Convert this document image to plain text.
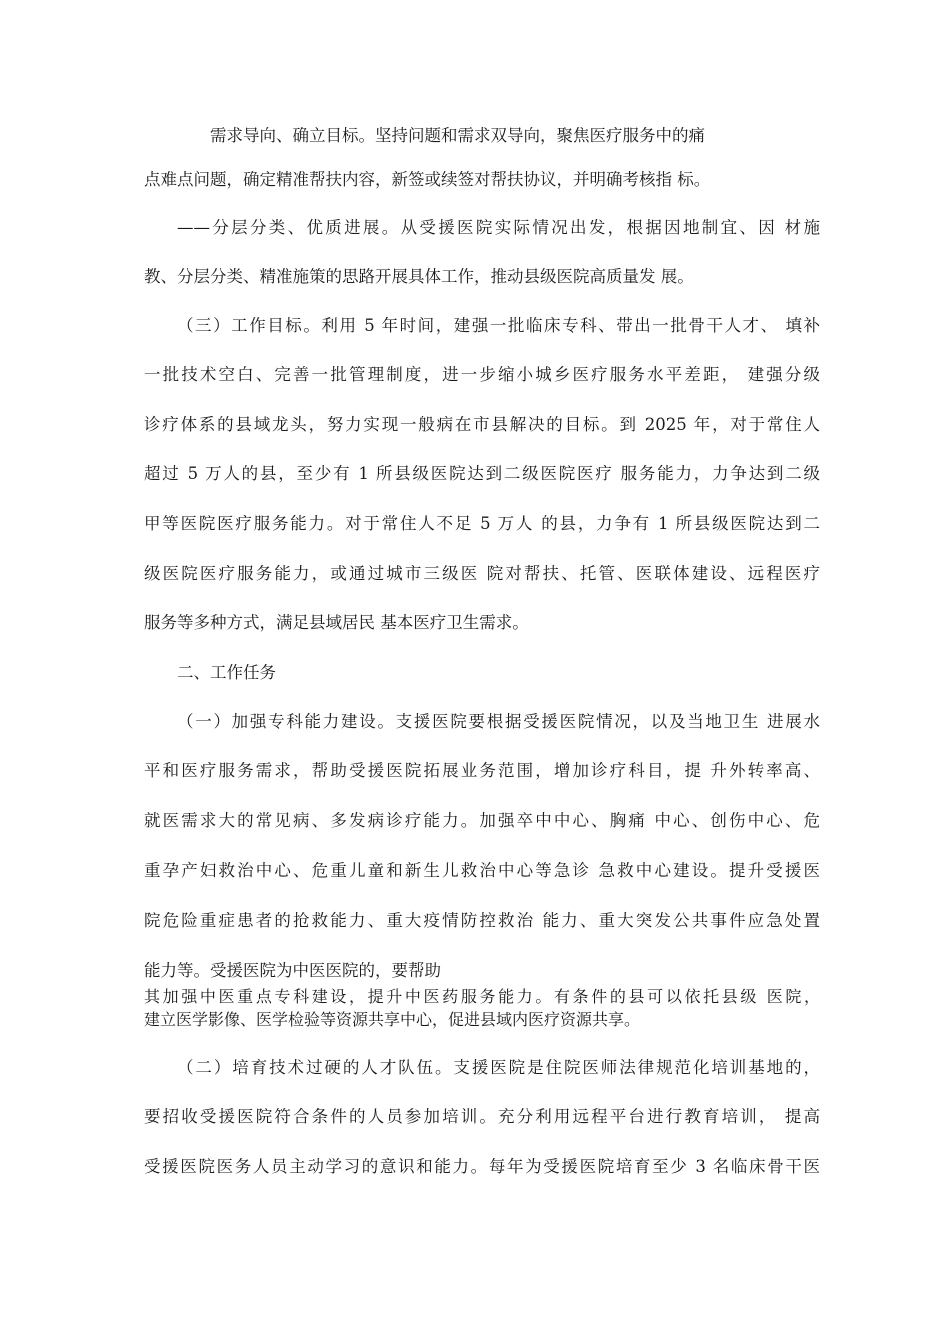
需求导向、确立目标。坚持问题和需求双导向，聚焦医疗服务中的痛
点难点问题，确定精准帮扶内容，新签或续签对帮扶协议，并明确考核指 标。
——分层分类、优质进展。从受援医院实际情况出发，根据因地制宜、因 材施
教、分层分类、精准施策的思路开展具体工作，推动县级医院高质量发 展。
（三）工作目标。利用 5 年时间，建强一批临床专科、带出一批骨干人才、 填补
一批技术空白、完善一批管理制度，进一步缩小城乡医疗服务水平差距， 建强分级
诊疗体系的县域龙头，努力实现一般病在市县解决的目标。到 2025 年，对于常住人
超过 5 万人的县，至少有 1 所县级医院达到二级医院医疗 服务能力，力争达到二级
甲等医院医疗服务能力。对于常住人不足 5 万人 的县，力争有 1 所县级医院达到二
级医院医疗服务能力，或通过城市三级医 院对帮扶、托管、医联体建设、远程医疗
服务等多种方式，满足县域居民 基本医疗卫生需求。
二、工作任务
（一）加强专科能力建设。支援医院要根据受援医院情况，以及当地卫生 进展水
平和医疗服务需求，帮助受援医院拓展业务范围，增加诊疗科目，提 升外转率高、
就医需求大的常见病、多发病诊疗能力。加强卒中中心、胸痛 中心、创伤中心、危
重孕产妇救治中心、危重儿童和新生儿救治中心等急诊 急救中心建设。提升受援医
院危险重症患者的抢救能力、重大疫情防控救治 能力、重大突发公共事件应急处置
能力等。受援医院为中医医院的，要帮助
其加强中医重点专科建设，提升中医药服务能力。有条件的县可以依托县级 医院，
建立医学影像、医学检验等资源共享中心，促进县域内医疗资源共享。
（二）培育技术过硬的人才队伍。支援医院是住院医师法律规范化培训基地的，
要招收受援医院符合条件的人员参加培训。充分利用远程平台进行教育培训， 提高
受援医院医务人员主动学习的意识和能力。每年为受援医院培育至少 3 名临床骨干医
